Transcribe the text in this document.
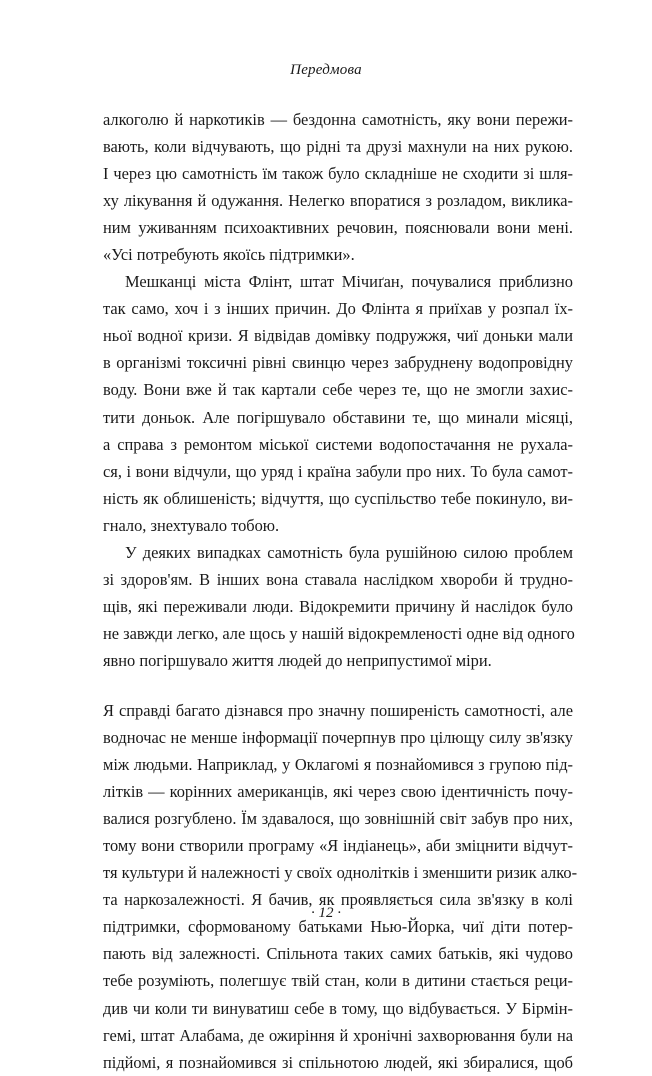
Передмова
алкоголю й наркотиків — бездонна самотність, яку вони пережи-
вають, коли відчувають, що рідні та друзі махнули на них рукою.
І через цю самотність їм також було складніше не сходити зі шля-
ху лікування й одужання. Нелегко впоратися з розладом, виклика-
ним уживанням психоактивних речовин, пояснювали вони мені.
«Усі потребують якоїсь підтримки».
Мешканці міста Флінт, штат Мічиґан, почувалися приблизно
так само, хоч і з інших причин. До Флінта я приїхав у розпал їх-
ньої водної кризи. Я відвідав домівку подружжя, чиї доньки мали
в організмі токсичні рівні свинцю через забруднену водопровідну
воду. Вони вже й так картали себе через те, що не змогли захис-
тити доньок. Але погіршувало обставини те, що минали місяці,
а справа з ремонтом міської системи водопостачання не рухала-
ся, і вони відчули, що уряд і країна забули про них. То була самот-
ність як облишеність; відчуття, що суспільство тебе покинуло, ви-
гнало, знехтувало тобою.
У деяких випадках самотність була рушійною силою проблем
зі здоров'ям. В інших вона ставала наслідком хвороби й трудно-
щів, які переживали люди. Відокремити причину й наслідок було
не завжди легко, але щось у нашій відокремленості одне від одного
явно погіршувало життя людей до неприпустимої міри.
Я справді багато дізнався про значну поширеність самотності, але
водночас не менше інформації почерпнув про цілющу силу зв'язку
між людьми. Наприклад, у Оклагомі я познайомився з групою під-
літків — корінних американців, які через свою ідентичність почу-
валися розгублено. Їм здавалося, що зовнішній світ забув про них,
тому вони створили програму «Я індіанець», аби зміцнити відчут-
тя культури й належності у своїх однолітків і зменшити ризик алко-
та наркозалежності. Я бачив, як проявляється сила зв'язку в колі
підтримки, сформованому батьками Нью-Йорка, чиї діти потер-
пають від залежності. Спільнота таких самих батьків, які чудово
тебе розуміють, полегшує твій стан, коли в дитини стається реци-
див чи коли ти винуватиш себе в тому, що відбувається. У Бірмін-
гемі, штат Алабама, де ожиріння й хронічні захворювання були на
підйомі, я познайомився зі спільнотою людей, які збиралися, щоб
· 12 ·
